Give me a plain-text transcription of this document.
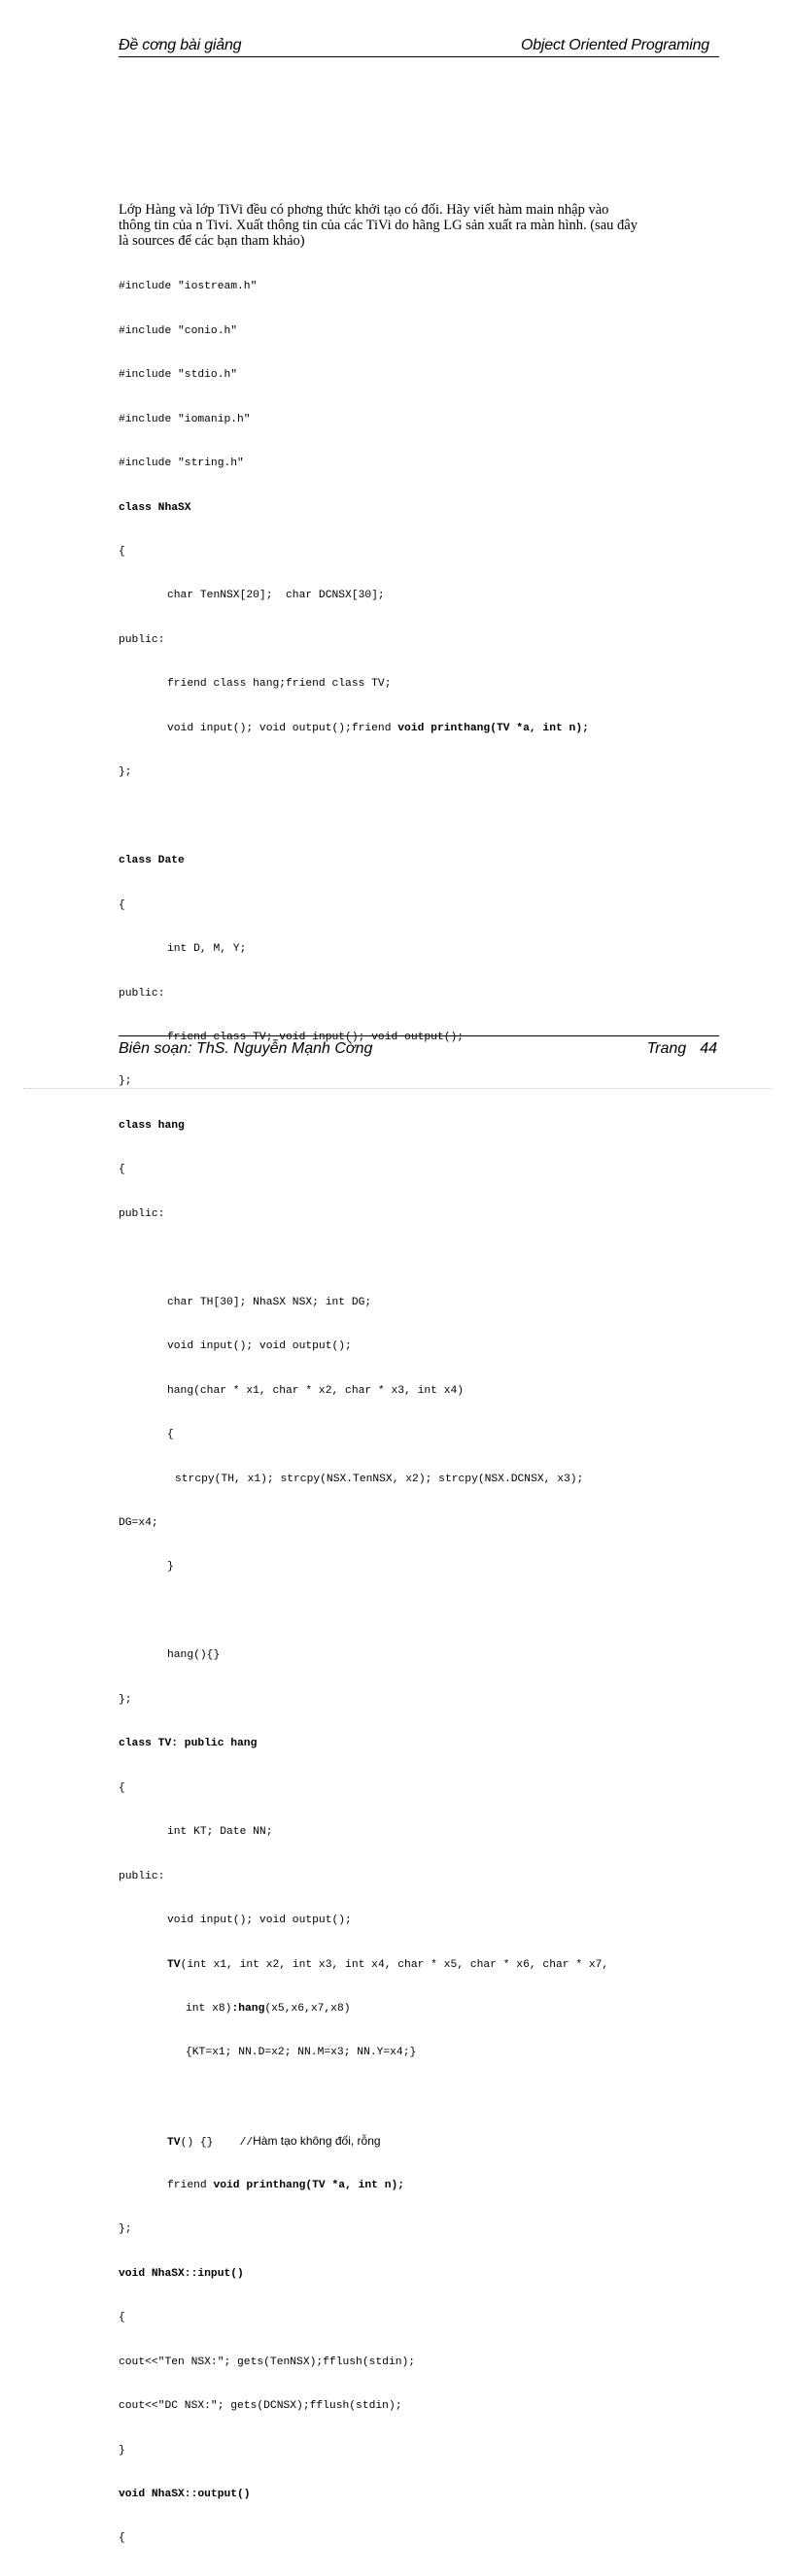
Đề cơng bài giảng	Object Oriented Programing

Lớp Hàng và lớp TiVi đều có phơng thức khởi tạo có đối. Hãy viết hàm main nhập vào

thông tin của n Tivi. Xuất thông tin của các TiVi do hãng LG sản xuất ra màn hình. (sau đây

là sources để các bạn tham khảo)

#include "iostream.h"

#include "conio.h"

#include "stdio.h"

#include "iomanip.h"

#include "string.h"

class NhaSX

{

char TenNSX[20];  char DCNSX[30];

public:

friend class hang;friend class TV;

void input(); void output();friend void printhang(TV *a, int n);

};

class Date

{

int D, M, Y;

public:

friend class TV; void input(); void output();

};

class hang

{

public:

char TH[30]; NhaSX NSX; int DG;

void input(); void output();

hang(char * x1, char * x2, char * x3, int x4)

{

strcpy(TH, x1); strcpy(NSX.TenNSX, x2); strcpy(NSX.DCNSX, x3);

DG=x4;

}

hang(){}

};

class TV: public hang

{

int KT; Date NN;

public:

void input(); void output();

TV(int x1, int x2, int x3, int x4, char * x5, char * x6, char * x7,

int x8):hang(x5,x6,x7,x8)

{KT=x1; NN.D=x2; NN.M=x3; NN.Y=x4;}

TV() {}    //Hàm tạo không đối, rỗng

friend void printhang(TV *a, int n);

};

void NhaSX::input()

{

cout<<"Ten NSX:"; gets(TenNSX);fflush(stdin);

cout<<"DC NSX:"; gets(DCNSX);fflush(stdin);

}

void NhaSX::output()

{

Biên soạn: ThS. Nguyễn Mạnh Cờng	Trang 44
